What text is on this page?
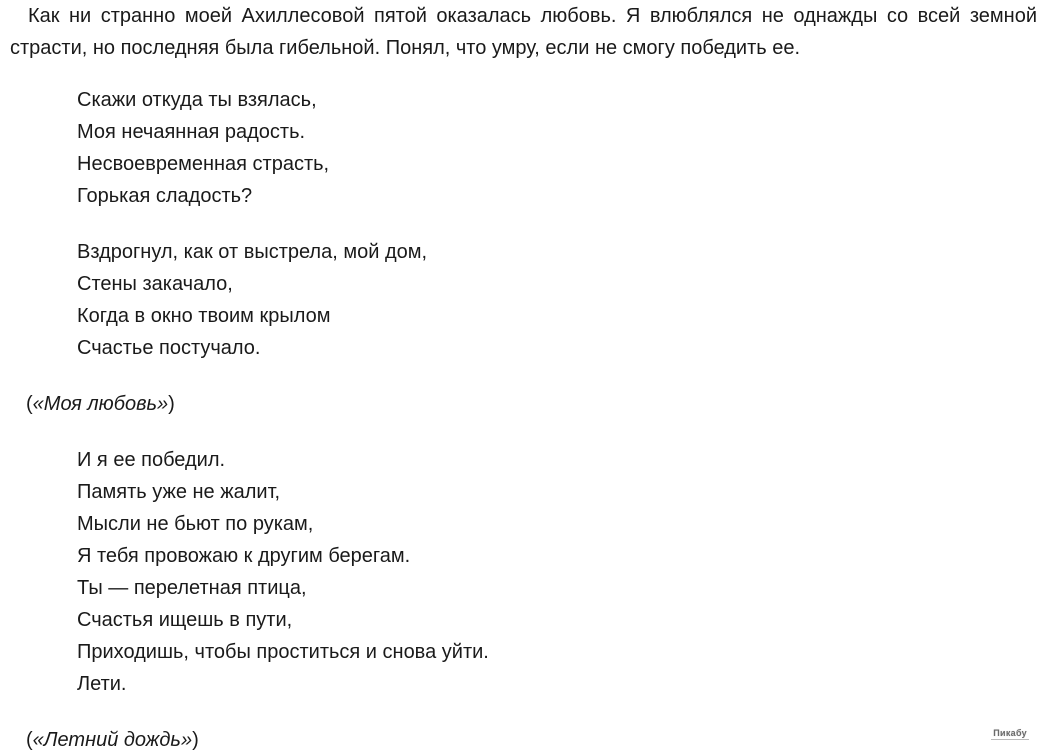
Как ни странно моей Ахиллесовой пятой оказалась любовь. Я влюблялся не однажды со всей земной страсти, но последняя была гибельной. Понял, что умру, если не смогу победить ее.

Скажи откуда ты взялась,
Моя нечаянная радость.
Несвоевременная страсть,
Горькая сладость?
Вздрогнул, как от выстрела, мой дом,
Стены закачало,
Когда в окно твоим крылом
Счастье постучало.

(«Моя любовь»)

И я ее победил.
Память уже не жалит,
Мысли не бьют по рукам,
Я тебя провожаю к другим берегам.
Ты — перелетная птица,
Счастья ищешь в пути,
Приходишь, чтобы проститься и снова уйти.
Лети.

(«Летний дождь»)	Пикабу
